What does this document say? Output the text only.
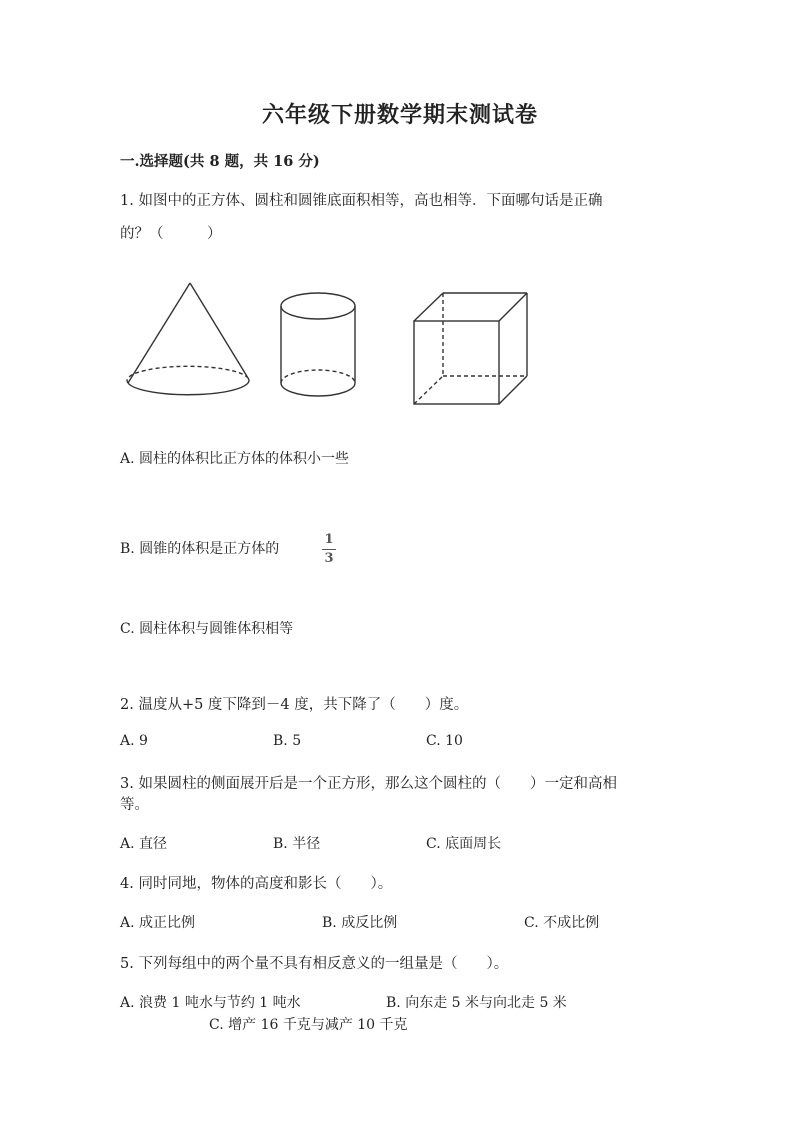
六年级下册数学期末测试卷
一.选择题(共 8 题，共 16 分)
1. 如图中的正方体、圆柱和圆锥底面积相等，高也相等．下面哪句话是正确
的？（　　　）
A. 圆柱的体积比正方体的体积小一些
B. 圆锥的体积是正方体的
1
3
C. 圆柱体积与圆锥体积相等
2. 温度从+5 度下降到－4 度，共下降了（　　）度。
A. 9	B. 5	C. 10
3. 如果圆柱的侧面展开后是一个正方形，那么这个圆柱的（　　）一定和高相
等。
A. 直径	B. 半径	C. 底面周长
4. 同时同地，物体的高度和影长（　　）。
A. 成正比例	B. 成反比例	C. 不成比例
5. 下列每组中的两个量不具有相反意义的一组量是（　　）。
A. 浪费 1 吨水与节约 1 吨水	B. 向东走 5 米与向北走 5 米
C. 增产 16 千克与减产 10 千克
